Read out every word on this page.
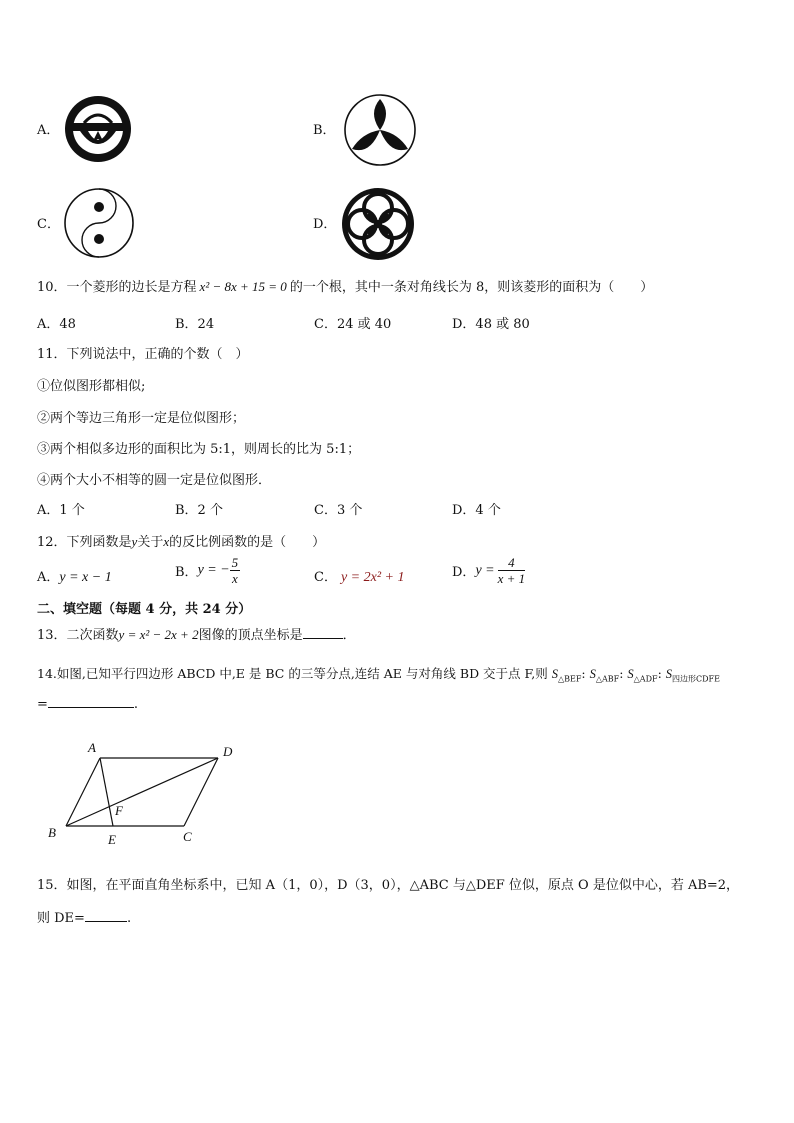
A．	B．
C．	D．
10．一个菱形的边长是方程 x² − 8x + 15 = 0 的一个根，其中一条对角线长为 8，则该菱形的面积为（　　）
A．48	B．24	C．24 或 40	D．48 或 80
11．下列说法中，正确的个数（　）
①位似图形都相似;
②两个等边三角形一定是位似图形；
③两个相似多边形的面积比为 5:1，则周长的比为 5:1；
④两个大小不相等的圆一定是位似图形．
A．1 个	B．2 个	C．3 个	D．4 个
12．下列函数是y关于x的反比例函数的是（　　）
A．y = x − 1	B．y = − $\frac{5}{x}$	C． y = 2x² + 1	D．$y = \frac{4}{x + 1}$
二、填空题（每题 4 分，共 24 分）
13．二次函数y = x² − 2x + 2图像的顶点坐标是	．
14.如图,已知平行四边形 ABCD 中,E 是 BC 的三等分点,连结 AE 与对角线 BD 交于点 F,则 $S_{\triangle BEF}$: $S_{\triangle ABF}$: $S_{\triangle ADF}$: $S_{四边形CDFE}$
=	.
A	D
B	C
E
F
15．如图，在平面直角坐标系中，已知 A（1，0），D（3，0），△ABC 与△DEF 位似，原点 O 是位似中心，若 AB=2，
则 DE=	.
